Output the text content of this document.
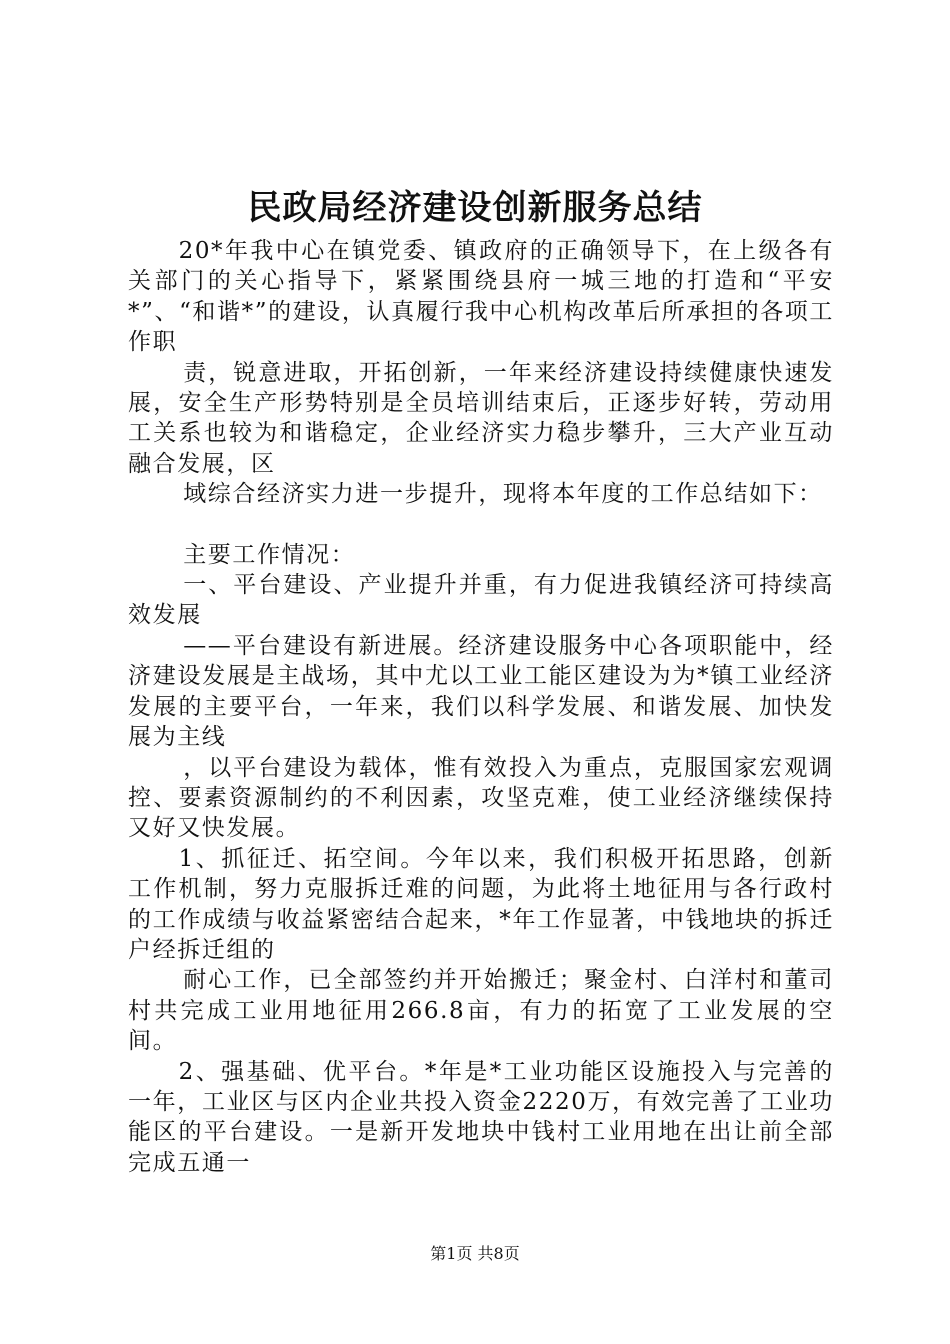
民政局经济建设创新服务总结

20*年我中心在镇党委、镇政府的正确领导下，在上级各有关部门的关心指导下，紧紧围绕县府一城三地的打造和“平安*”、“和谐*”的建设，认真履行我中心机构改革后所承担的各项工作职

责，锐意进取，开拓创新，一年来经济建设持续健康快速发展，安全生产形势特别是全员培训结束后，正逐步好转，劳动用工关系也较为和谐稳定，企业经济实力稳步攀升，三大产业互动融合发展，区

域综合经济实力进一步提升，现将本年度的工作总结如下：

主要工作情况：

一、平台建设、产业提升并重，有力促进我镇经济可持续高效发展

——平台建设有新进展。经济建设服务中心各项职能中，经济建设发展是主战场，其中尤以工业工能区建设为为*镇工业经济发展的主要平台，一年来，我们以科学发展、和谐发展、加快发展为主线

，以平台建设为载体，惟有效投入为重点，克服国家宏观调控、要素资源制约的不利因素，攻坚克难，使工业经济继续保持又好又快发展。

1、抓征迁、拓空间。今年以来，我们积极开拓思路，创新工作机制，努力克服拆迁难的问题，为此将土地征用与各行政村的工作成绩与收益紧密结合起来，*年工作显著，中钱地块的拆迁户经拆迁组的

耐心工作，已全部签约并开始搬迁；聚金村、白洋村和董司村共完成工业用地征用266.8亩，有力的拓宽了工业发展的空间。

2、强基础、优平台。*年是*工业功能区设施投入与完善的一年，工业区与区内企业共投入资金2220万，有效完善了工业功能区的平台建设。一是新开发地块中钱村工业用地在出让前全部完成五通一

第1页 共8页
